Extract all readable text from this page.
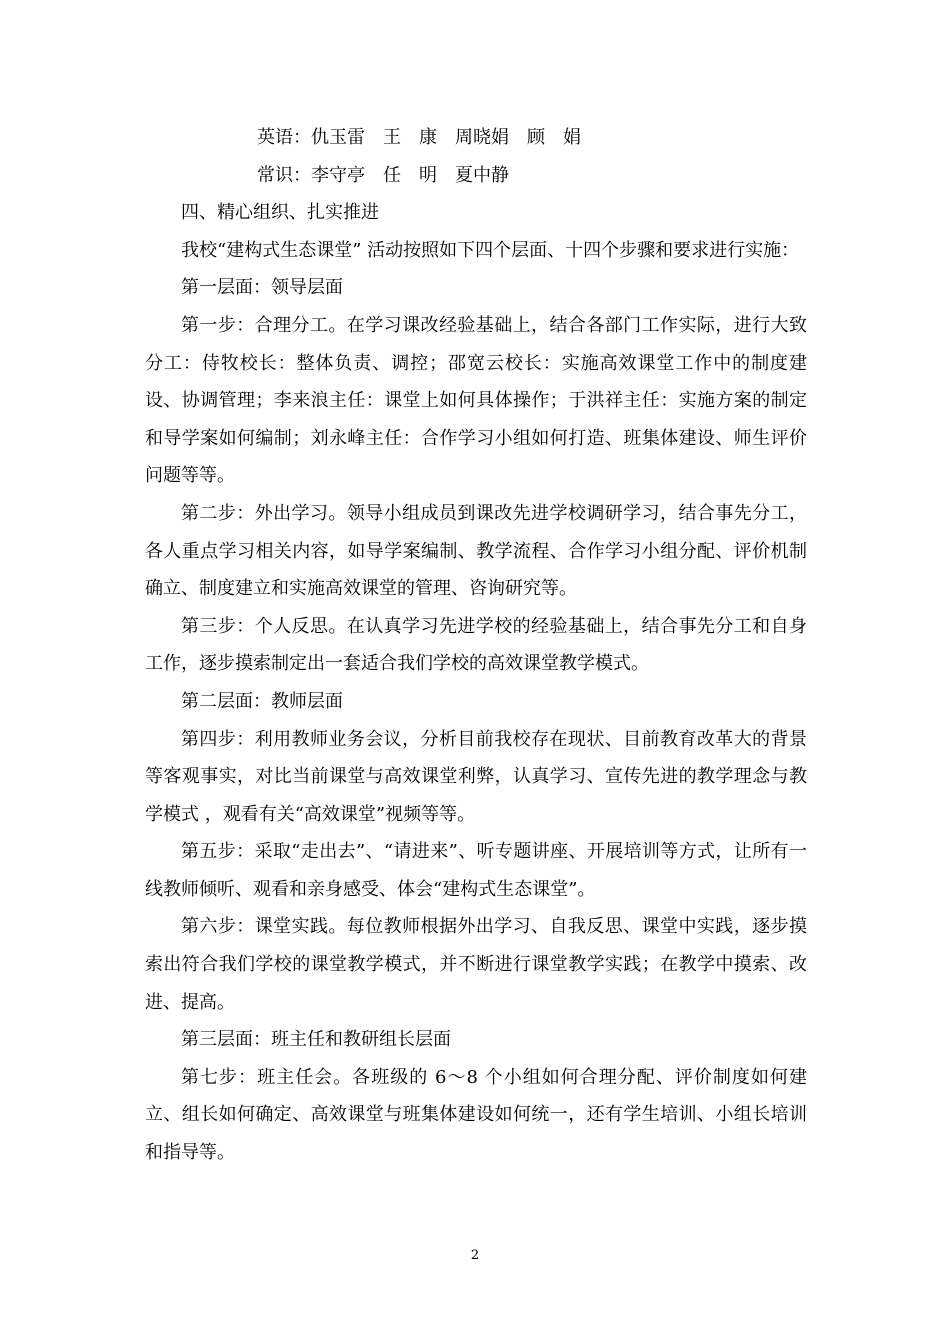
英语：仇玉雷　王　康　周晓娟　顾　娟

常识：李守亭　任　明　夏中静

四、精心组织、扎实推进

我校“建构式生态课堂” 活动按照如下四个层面、十四个步骤和要求进行实施：

第一层面：领导层面

第一步：合理分工。在学习课改经验基础上，结合各部门工作实际，进行大致分工：侍牧校长：整体负责、调控；邵宽云校长：实施高效课堂工作中的制度建设、协调管理；李来浪主任：课堂上如何具体操作；于洪祥主任：实施方案的制定和导学案如何编制；刘永峰主任：合作学习小组如何打造、班集体建设、师生评价问题等等。

第二步：外出学习。领导小组成员到课改先进学校调研学习，结合事先分工，各人重点学习相关内容，如导学案编制、教学流程、合作学习小组分配、评价机制确立、制度建立和实施高效课堂的管理、咨询研究等。

第三步：个人反思。在认真学习先进学校的经验基础上，结合事先分工和自身工作，逐步摸索制定出一套适合我们学校的高效课堂教学模式。

第二层面：教师层面

第四步：利用教师业务会议，分析目前我校存在现状、目前教育改革大的背景等客观事实，对比当前课堂与高效课堂利弊，认真学习、宣传先进的教学理念与教学模式 ，观看有关“高效课堂”视频等等。

第五步：采取“走出去”、“请进来”、听专题讲座、开展培训等方式，让所有一线教师倾听、观看和亲身感受、体会“建构式生态课堂”。

第六步：课堂实践。每位教师根据外出学习、自我反思、课堂中实践，逐步摸索出符合我们学校的课堂教学模式，并不断进行课堂教学实践；在教学中摸索、改进、提高。

第三层面：班主任和教研组长层面

第七步：班主任会。各班级的 6～8 个小组如何合理分配、评价制度如何建立、组长如何确定、高效课堂与班集体建设如何统一，还有学生培训、小组长培训和指导等。

2
